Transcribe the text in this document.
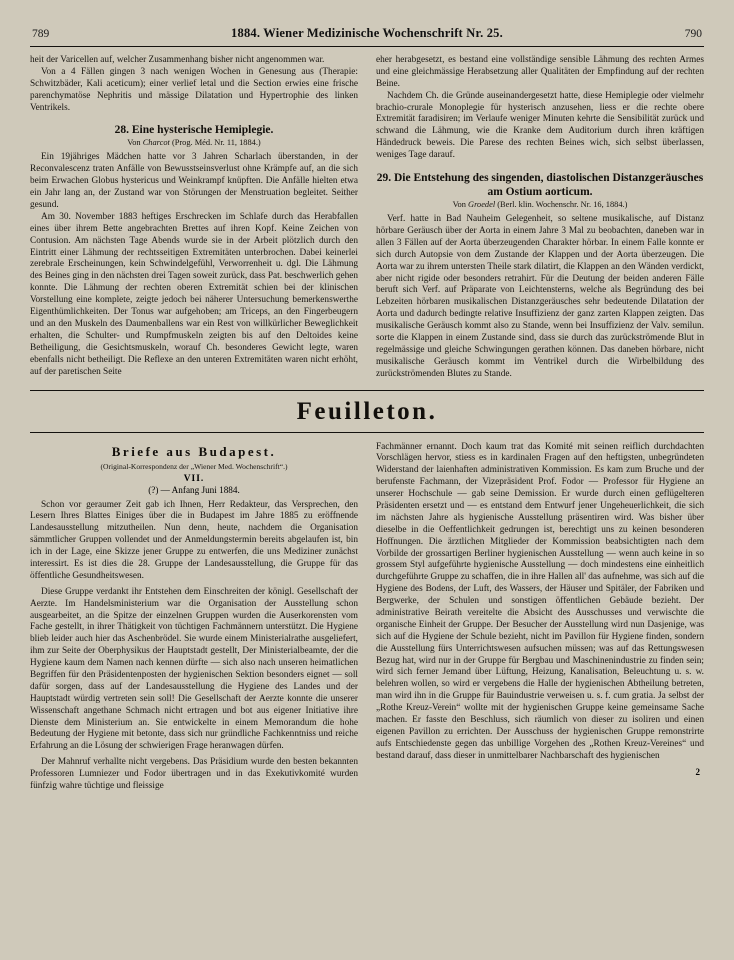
789	1884. Wiener Medizinische Wochenschrift Nr. 25.	790

heit der Varicellen auf, welcher Zusammenhang bisher nicht angenommen war.

Von a 4 Fällen gingen 3 nach wenigen Wochen in Genesung aus (Therapie: Schwitzbäder, Kali aceticum); einer verlief letal und die Section erwies eine frische parenchymatöse Nephritis und mässige Dilatation und Hypertrophie des linken Ventrikels.

28. Eine hysterische Hemiplegie.
Von Charcot (Prog. Méd. Nr. 11, 1884.)

Ein 19jähriges Mädchen hatte vor 3 Jahren Scharlach überstanden, in der Reconvalescenz traten Anfälle von Bewusstseinsverlust ohne Krämpfe auf, an die sich beim Erwachen Globus hystericus und Weinkrampf knüpften. Die Anfälle hielten etwa ein Jahr lang an, der Zustand war von Störungen der Menstruation begleitet. Seither gesund.

Am 30. November 1883 heftiges Erschrecken im Schlafe durch das Herabfallen eines über ihrem Bette angebrachten Brettes auf ihren Kopf. Keine Zeichen von Contusion. Am nächsten Tage Abends wurde sie in der Arbeit plötzlich durch den Eintritt einer Lähmung der rechtsseitigen Extremitäten unterbrochen. Dabei keinerlei zerebrale Erscheinungen, kein Schwindelgefühl, Verworrenheit u. dgl. Die Lähmung des Beines ging in den nächsten drei Tagen soweit zurück, dass Pat. beschwerlich gehen konnte. Die Lähmung der rechten oberen Extremität schien bei der klinischen Vorstellung eine komplete, zeigte jedoch bei näherer Untersuchung bemerkenswerthe Eigenthümlichkeiten. Der Tonus war aufgehoben; am Triceps, an den Fingerbeugern und an den Muskeln des Daumenballens war ein Rest von willkürlicher Beweglichkeit erhalten, die Schulter- und Rumpfmuskeln zeigten bis auf den Deltoides keine Betheiligung, die Gesichtsmuskeln, worauf Ch. besonderes Gewicht legte, waren ebenfalls nicht betheiligt. Die Reflexe an den unteren Extremitäten waren nicht erhöht, auf der paretischen Seite

eher herabgesetzt, es bestand eine vollständige sensible Lähmung des rechten Armes und eine gleichmässige Herabsetzung aller Qualitäten der Empfindung auf der rechten Beine.

Nachdem Ch. die Gründe auseinandergesetzt hatte, diese Hemiplegie oder vielmehr brachio-crurale Monoplegie für hysterisch anzusehen, liess er die rechte obere Extremität faradisiren; im Verlaufe weniger Minuten kehrte die Sensibilität zurück und schwand die Lähmung, wie die Kranke dem Auditorium durch ihren kräftigen Händedruck beweis. Die Parese des rechten Beines wich, sich selbst überlassen, weniges Tage darauf.

29. Die Entstehung des singenden, diastolischen Distanzgeräusches am Ostium aorticum.
Von Groedel (Berl. klin. Wochenschr. Nr. 16, 1884.)

Verf. hatte in Bad Nauheim Gelegenheit, so seltene musikalische, auf Distanz hörbare Geräusch über der Aorta in einem Jahre 3 Mal zu beobachten, daneben war in allen 3 Fällen auf der Aorta überzeugenden Charakter hörbar. In einem Falle konnte er sich durch Autopsie von dem Zustande der Klappen und der Aorta überzeugen. Die Aorta war zu ihrem untersten Theile stark dilatirt, die Klappen an den Wänden verdickt, aber nicht rigide oder besonders retrahirt. Für die Deutung der beiden anderen Fälle beruft sich Verf. auf Präparate von Leichtensterns, welche als Begründung des bei Lebzeiten hörbaren musikalischen Distanzgeräusches sehr bedeutende Dilatation der Aorta und dadurch bedingte relative Insuffizienz der ganz zarten Klappen zeigten. Das musikalische Geräusch kommt also zu Stande, wenn bei Insuffizienz der Valv. semilun. sorte die Klappen in einem Zustande sind, dass sie durch das zurückströmende Blut in regelmässige und gleiche Schwingungen gerathen können. Das daneben hörbare, nicht musikalische Geräusch kommt im Ventrikel durch die Wirbelbildung des zurückströmenden Blutes zu Stande.

Feuilleton.
Briefe aus Budapest.
(Original-Korrespondenz der „Wiener Med. Wochenschrift“.)
VII.
(?) — Anfang Juni 1884.

Schon vor geraumer Zeit gab ich Ihnen, Herr Redakteur, das Versprechen, den Lesern Ihres Blattes Einiges über die in Budapest im Jahre 1885 zu eröffnende Landesausstellung mitzutheilen. Nun denn, heute, nachdem die Organisation sämmtlicher Gruppen vollendet und der Anmeldungstermin bereits abgelaufen ist, bin ich in der Lage, eine Skizze jener Gruppe zu entwerfen, die uns Mediziner zunächst interessirt. Es ist dies die 28. Gruppe der Landesausstellung, die Gruppe für das öffentliche Gesundheitswesen.

Diese Gruppe verdankt ihr Entstehen dem Einschreiten der königl. Gesellschaft der Aerzte. Im Handelsministerium war die Organisation der Ausstellung schon ausgearbeitet, an die Spitze der einzelnen Gruppen wurden die Auserkorensten vom Fache gestellt, in ihrer Thätigkeit von tüchtigen Fachmännern unterstützt. Die Hygiene blieb leider auch hier das Aschenbrödel. Sie wurde einem Ministerialrathe ausgeliefert, ihm zur Seite der Oberphysikus der Hauptstadt gestellt, Der Ministerialbeamte, der die Hygiene kaum dem Namen nach kennen dürfte — sich also nach unseren heimatlichen Begriffen für den Präsidentenposten der hygienischen Sektion besonders eignet — soll dafür sorgen, dass auf der Landesausstellung die Hygiene des Landes und der Hauptstadt würdig vertreten sein soll! Die Gesellschaft der Aerzte konnte die unserer Wissenschaft angethane Schmach nicht ertragen und bot aus eigener Initiative ihre Dienste dem Ministerium an. Sie entwickelte in einem Memorandum die hohe Bedeutung der Hygiene mit betonte, dass sich nur gründliche Fachkenntniss und reiche Erfahrung an die Lösung der schwierigen Frage heranwagen dürfen.

Der Mahnruf verhallte nicht vergebens. Das Präsidium wurde den besten bekannten Professoren Lumniezer und Fodor übertragen und in das Exekutivkomité wurden fünfzig wahre tüchtige und fleissige

Fachmänner ernannt. Doch kaum trat das Komité mit seinen reiflich durchdachten Vorschlägen hervor, stiess es in kardinalen Fragen auf den heftigsten, unbegründeten Widerstand der laienhaften administrativen Kommission. Es kam zum Bruche und der berufenste Fachmann, der Vizepräsident Prof. Fodor — Professor für Hygiene an unserer Hochschule — gab seine Demission. Er wurde durch einen geflügelteren Präsidenten ersetzt und — es entstand dem Entwurf jener Ungeheuerlichkeit, die sich im nächsten Jahre als hygienische Ausstellung präsentiren wird. Was bisher über dieselbe in die Oeffentlichkeit gedrungen ist, berechtigt uns zu keinen besonderen Hoffnungen. Die ärztlichen Mitglieder der Kommission beabsichtigten nach dem Vorbilde der grossartigen Berliner hygienischen Ausstellung — wenn auch keine in so grossem Styl aufgeführte hygienische Ausstellung — doch mindestens eine einheitlich durchgeführte Gruppe zu schaffen, die in ihre Hallen all' das aufnehme, was sich auf die Hygiene des Bodens, der Luft, des Wassers, der Häuser und Spitäler, der Fabriken und Bergwerke, der Schulen und sonstigen öffentlichen Gebäude bezieht. Der administrative Beirath vereitelte die Absicht des Ausschusses und verwischte die organische Einheit der Gruppe. Der Besucher der Ausstellung wird nun Dasjenige, was sich auf die Hygiene der Schule bezieht, nicht im Pavillon für Hygiene finden, sondern die Ausstellung fürs Unterrichtswesen aufsuchen müssen; was auf das Rettungswesen Bezug hat, wird nur in der Gruppe für Bergbau und Maschinenindustrie zu finden sein; wird sich ferner Jemand über Lüftung, Heizung, Kanalisation, Beleuchtung u. s. w. belehren wollen, so wird er vergebens die Halle der hygienischen Abtheilung betreten, man wird ihn in die Gruppe für Bauindustrie verweisen u. s. f. cum gratia. Ja selbst der „Rothe Kreuz-Verein“ wollte mit der hygienischen Gruppe keine gemeinsame Sache machen. Er fasste den Beschluss, sich räumlich von dieser zu isoliren und einen eigenen Pavillon zu errichten. Der Ausschuss der hygienischen Gruppe remonstrirte aufs Entschiedenste gegen das unbillige Vorgehen des „Rothen Kreuz-Vereines“ und bestand darauf, dass dieser in unmittelbarer Nachbarschaft des hygienischen

2
